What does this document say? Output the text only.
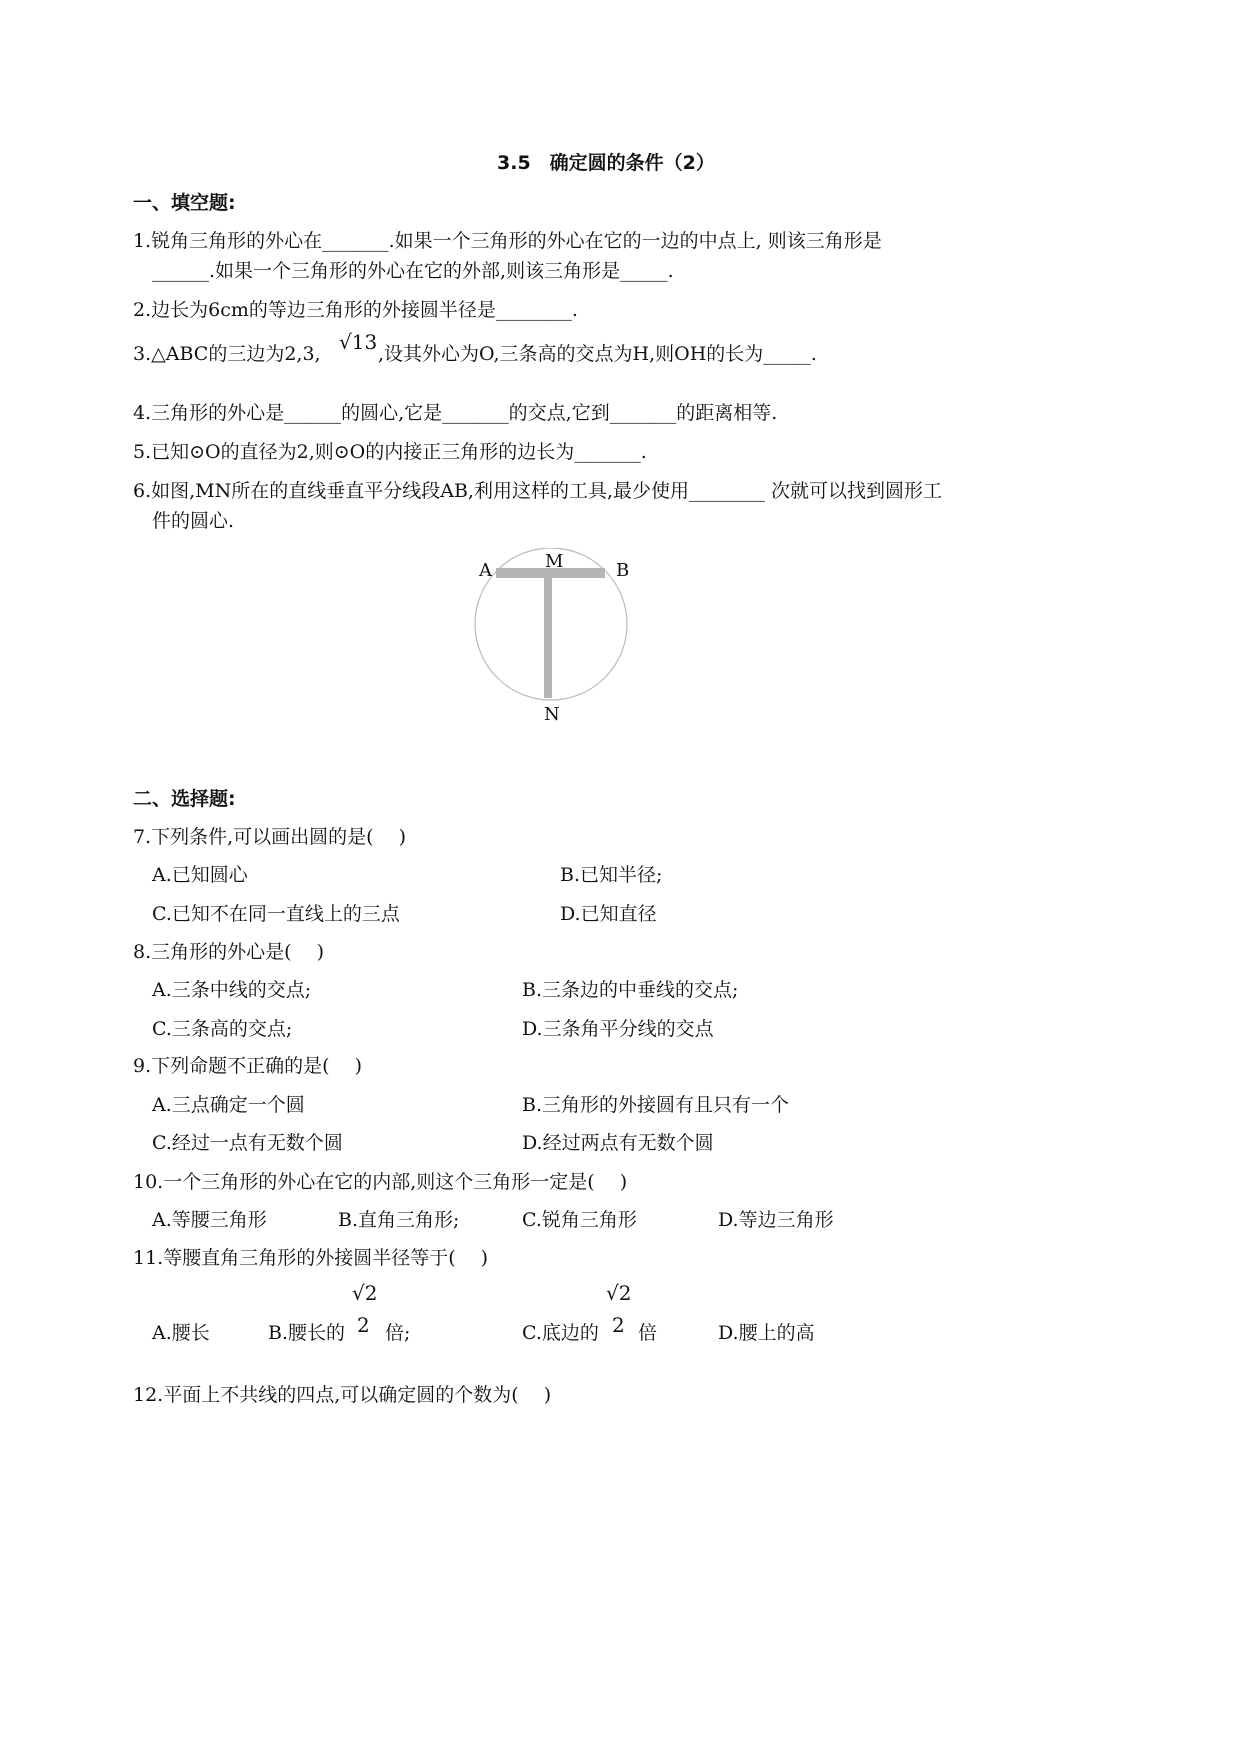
3.5　确定圆的条件（2）
一、填空题:
1.锐角三角形的外心在_______.如果一个三角形的外心在它的一边的中点上, 则该三角形是
______.如果一个三角形的外心在它的外部,则该三角形是_____.
2.边长为6cm的等边三角形的外接圆半径是________.
3.△ABC的三边为2,3, √13 ,设其外心为O,三条高的交点为H,则OH的长为_____.
4.三角形的外心是______的圆心,它是_______的交点,它到_______的距离相等.
5.已知⊙O的直径为2,则⊙O的内接正三角形的边长为_______.
6.如图,MN所在的直线垂直平分线段AB,利用这样的工具,最少使用________ 次就可以找到圆形工
件的圆心.
A	M	B
N
二、选择题:
7.下列条件,可以画出圆的是(　 )
A.已知圆心	B.已知半径;
C.已知不在同一直线上的三点	D.已知直径
8.三角形的外心是(　 )
A.三条中线的交点;	B.三条边的中垂线的交点;
C.三条高的交点;	D.三条角平分线的交点
9.下列命题不正确的是(　 )
A.三点确定一个圆	B.三角形的外接圆有且只有一个
C.经过一点有无数个圆	D.经过两点有无数个圆
10.一个三角形的外心在它的内部,则这个三角形一定是(　 )
A.等腰三角形	B.直角三角形;	C.锐角三角形	D.等边三角形
11.等腰直角三角形的外接圆半径等于(　 )
A.腰长	B.腰长的
√2
2 倍;	C.底边的
√2
2 倍	D.腰上的高
12.平面上不共线的四点,可以确定圆的个数为(　 )
